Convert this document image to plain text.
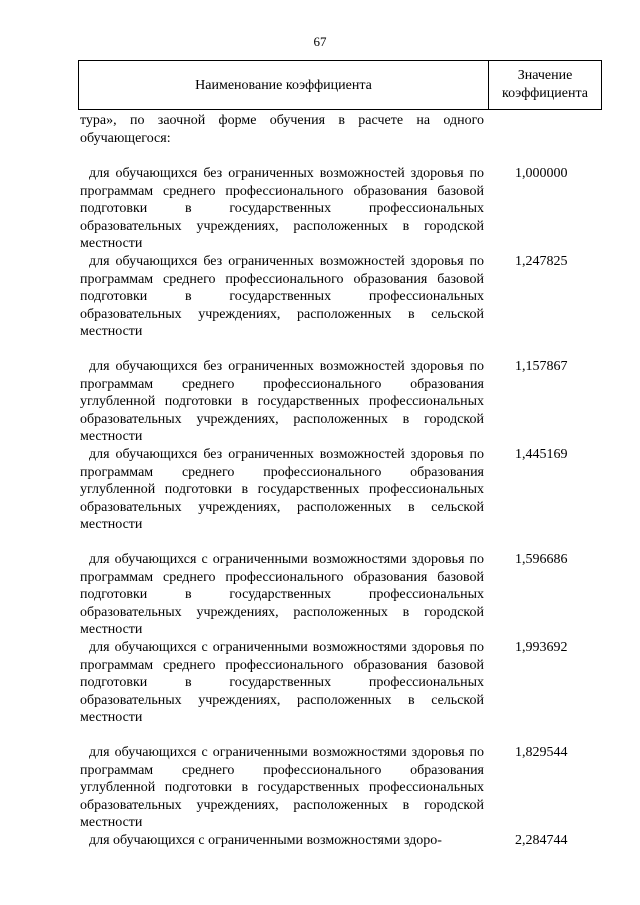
67
Наименование коэффициента
Значение
коэффициента
тура», по заочной форме обучения в расчете на одного обучающегося:
для обучающихся без ограниченных возможностей здоровья по программам среднего профессионального образования базовой подготовки в государственных профессиональных образовательных учреждениях, расположенных в городской местности
1,000000
для обучающихся без ограниченных возможностей здоровья по программам среднего профессионального образования базовой подготовки в государственных профессиональных образовательных учреждениях, расположенных в сельской местности
1,247825
для обучающихся без ограниченных возможностей здоровья по программам среднего профессионального образования углубленной подготовки в государственных профессиональных образовательных учреждениях, расположенных в городской местности
1,157867
для обучающихся без ограниченных возможностей здоровья по программам среднего профессионального образования углубленной подготовки в государственных профессиональных образовательных учреждениях, расположенных в сельской местности
1,445169
для обучающихся с ограниченными возможностями здоровья по программам среднего профессионального образования базовой подготовки в государственных профессиональных образовательных учреждениях, расположенных в городской местности
1,596686
для обучающихся с ограниченными возможностями здоровья по программам среднего профессионального образования базовой подготовки в государственных профессиональных образовательных учреждениях, расположенных в сельской местности
1,993692
для обучающихся с ограниченными возможностями здоровья по программам среднего профессионального образования углубленной подготовки в государственных профессиональных образовательных учреждениях, расположенных в городской местности
1,829544
для обучающихся с ограниченными возможностями здоро-	2,284744
